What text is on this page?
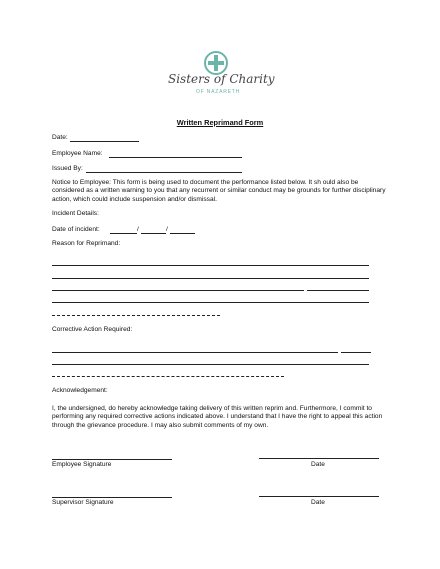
Sisters of Charity
OF NAZARETH
Written Reprimand Form
Date:
Employee Name:
Issued By:
Notice to Employee: This form is being used to document the performance listed below. It sh ould also be considered as a written warning to you that any recurrent or similar conduct may be grounds for further disciplinary action, which could include suspension and/or dismissal.
Incident Details:
Date of incident:	/	/
Reason for Reprimand:
Corrective Action Required:
Acknowledgement:
I, the undersigned, do hereby acknowledge taking delivery of this written reprim and. Furthermore, I commit to performing any required corrective actions indicated above. I understand that I have the right to appeal this action through the grievance procedure. I may also submit comments of my own.
Employee Signature	Date
Supervisor Signature	Date
